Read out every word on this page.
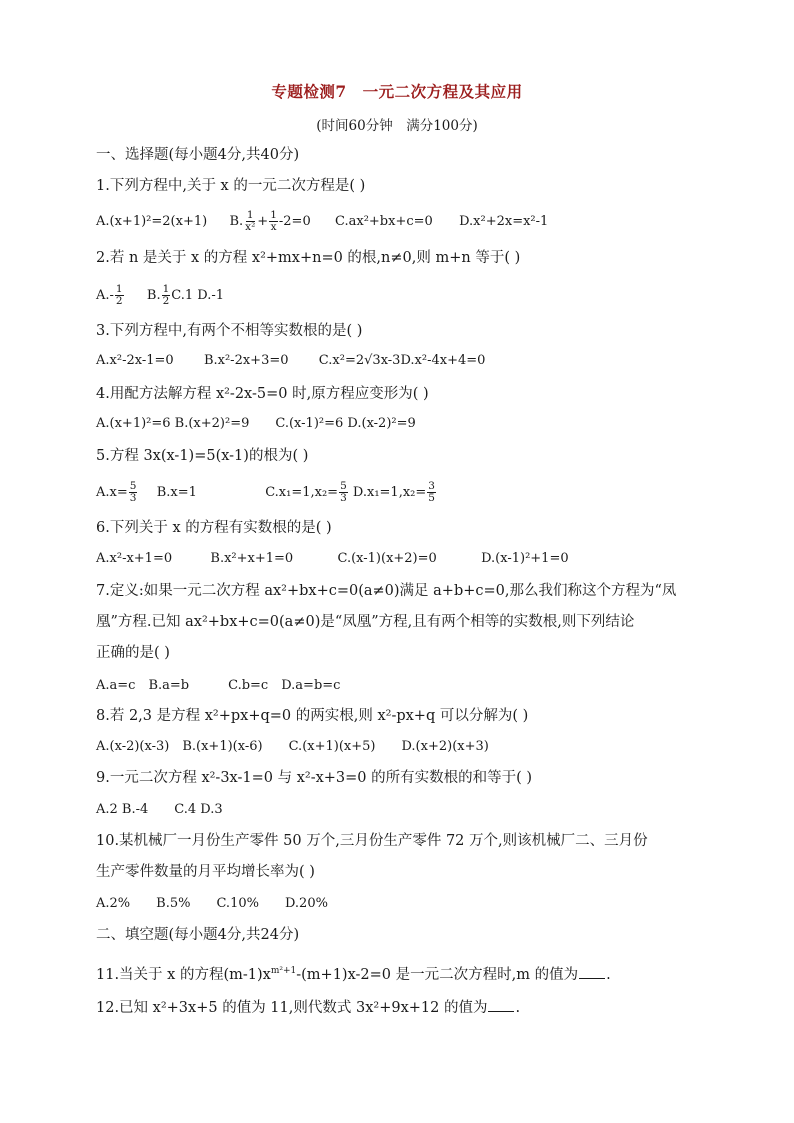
专题检测7　一元二次方程及其应用
(时间60分钟　满分100分)
一、选择题(每小题4分,共40分)
1.下列方程中,关于 x 的一元二次方程是( )
A.(x+1)²=2(x+1) B. $\frac{1}{\text{x²}} + \frac{1}{x} -2=0$ C.ax²+bx+c=0 D.x²+2x=x²-1
2.若 n 是关于 x 的方程 x²+mx+n=0 的根,n≠0,则 m+n 等于( )
$A.- \frac{1}{2} B$. $\frac{1}{2} C.1$ D.-1
3.下列方程中,有两个不相等实数根的是( )
A.x²-2x-1=0 B.x²-2x+3=0 C.x²=2√3x-3D.x²-4x+4=0
4.用配方法解方程 x²-2x-5=0 时,原方程应变形为( )
A.(x+1)²=6 B.(x+2)²=9　　C.(x-1)²=6 D.(x-2)²=9
5.方程 3x(x-1)=5(x-1)的根为( )
$A.x= \frac{5}{3} B.x=1$	$C.x_1=1,x_2= \frac{5}{3} D.x_1=1,x_2= \frac{3}{5}$
6.下列关于 x 的方程有实数根的是( )
A.x²-x+1=0	B.x²+x+1=0	C.(x-1)(x+2)=0	D.(x-1)²+1=0
7.定义:如果一元二次方程 ax²+bx+c=0(a≠0)满足 a+b+c=0,那么我们称这个方程为“凤
凰”方程.已知 ax²+bx+c=0(a≠0)是“凤凰”方程,且有两个相等的实数根,则下列结论
正确的是( )
A.a=c　B.a=b　　　C.b=c　D.a=b=c
8.若 2,3 是方程 x²+px+q=0 的两实根,则 x²-px+q 可以分解为( )
A.(x-2)(x-3)　B.(x+1)(x-6)　　C.(x+1)(x+5)　　D.(x+2)(x+3)
9.一元二次方程 x²-3x-1=0 与 x²-x+3=0 的所有实数根的和等于( )
A.2 B.-4　　C.4 D.3
10.某机械厂一月份生产零件 50 万个,三月份生产零件 72 万个,则该机械厂二、三月份
生产零件数量的月平均增长率为( )
A.2%　　B.5%　　C.10%　　D.20%
二、填空题(每小题4分,共24分)
11.当关于 x 的方程$(m-1)x^{m^2+1}-(m+1)x-2=0$ 是一元二次方程时,m 的值为 .
12.已知 x²+3x+5 的值为 11,则代数式 3x²+9x+12 的值为 .
